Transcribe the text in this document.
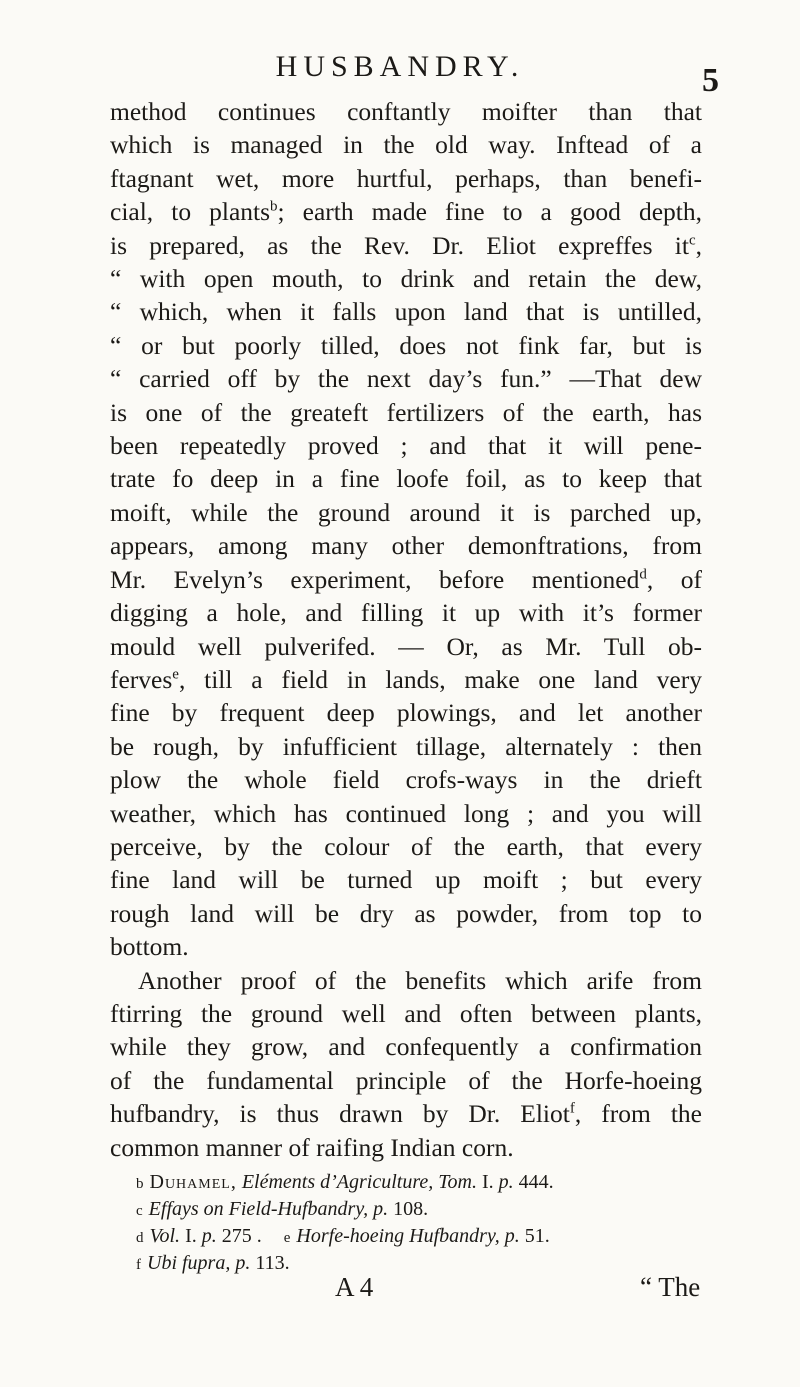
HUSBANDRY.	5
method continues conftantly moifter than that
which is managed in the old way. Inftead of a
ftagnant wet, more hurtful, perhaps, than benefi-
cial, to plants$^b$; earth made fine to a good depth,
is prepared, as the Rev. Dr. Eliot expreffes $it^c$,
“ with open mouth, to drink and retain the dew,
“ which, when it falls upon land that is untilled,
“ or but poorly tilled, does not fink far, but is
“ carried off by the next day’s fun.” —That dew
is one of the greateft fertilizers of the earth, has
been repeatedly proved ; and that it will pene-
trate fo deep in a fine loofe foil, as to keep that
moift, while the ground around it is parched up,
appears, among many other demonftrations, from
Mr. Evelyn’s experiment, before mentioned$^d$, of
digging a hole, and filling it up with it’s former
mould well pulverifed. — Or, as Mr. Tull ob-
ferves$^e$, till a field in lands, make one land very
fine by frequent deep plowings, and let another
be rough, by infufficient tillage, alternately : then
plow the whole field crofs-ways in the drieft
weather, which has continued long ; and you will
perceive, by the colour of the earth, that every
fine land will be turned up moift ; but every
rough land will be dry as powder, from top to
bottom.
Another proof of the benefits which arife from
ftirring the ground well and often between plants,
while they grow, and confequently a confirmation
of the fundamental principle of the Horfe-hoeing
hufbandry, is thus drawn by Dr. Eliot$^f$, from the
common manner of raifing Indian corn.
b Duhamel, Eléments d’Agriculture, Tom. I. p. 444.
c Effays on Field-Hufbandry, p. 108.
d Vol. I. p. 275 . e Horfe-hoeing Hufbandry, p. 51.
f Ubi fupra, p. 113.
A 4	“ The
